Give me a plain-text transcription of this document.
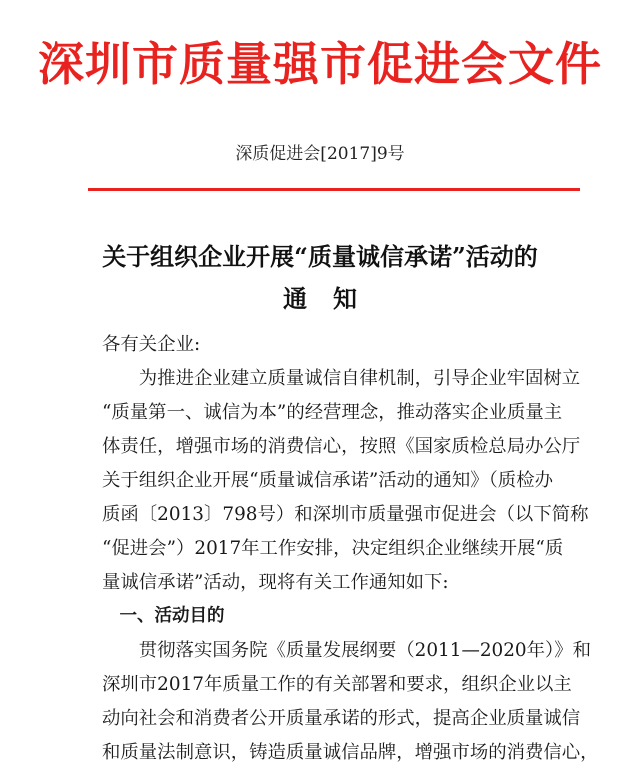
深圳市质量强市促进会文件
深质促进会[2017]9号
关于组织企业开展“质量诚信承诺”活动的
通知
各有关企业:
　　为推进企业建立质量诚信自律机制，引导企业牢固树立
“质量第一、诚信为本”的经营理念，推动落实企业质量主
体责任，增强市场的消费信心，按照《国家质检总局办公厅
关于组织企业开展“质量诚信承诺”活动的通知》（质检办
质函〔2013〕798号）和深圳市质量强市促进会（以下简称
“促进会”）2017年工作安排，决定组织企业继续开展“质
量诚信承诺”活动，现将有关工作通知如下:
　一、活动目的
　　贯彻落实国务院《质量发展纲要（2011—2020年）》和
深圳市2017年质量工作的有关部署和要求，组织企业以主
动向社会和消费者公开质量承诺的形式，提高企业质量诚信
和质量法制意识，铸造质量诚信品牌，增强市场的消费信心，
